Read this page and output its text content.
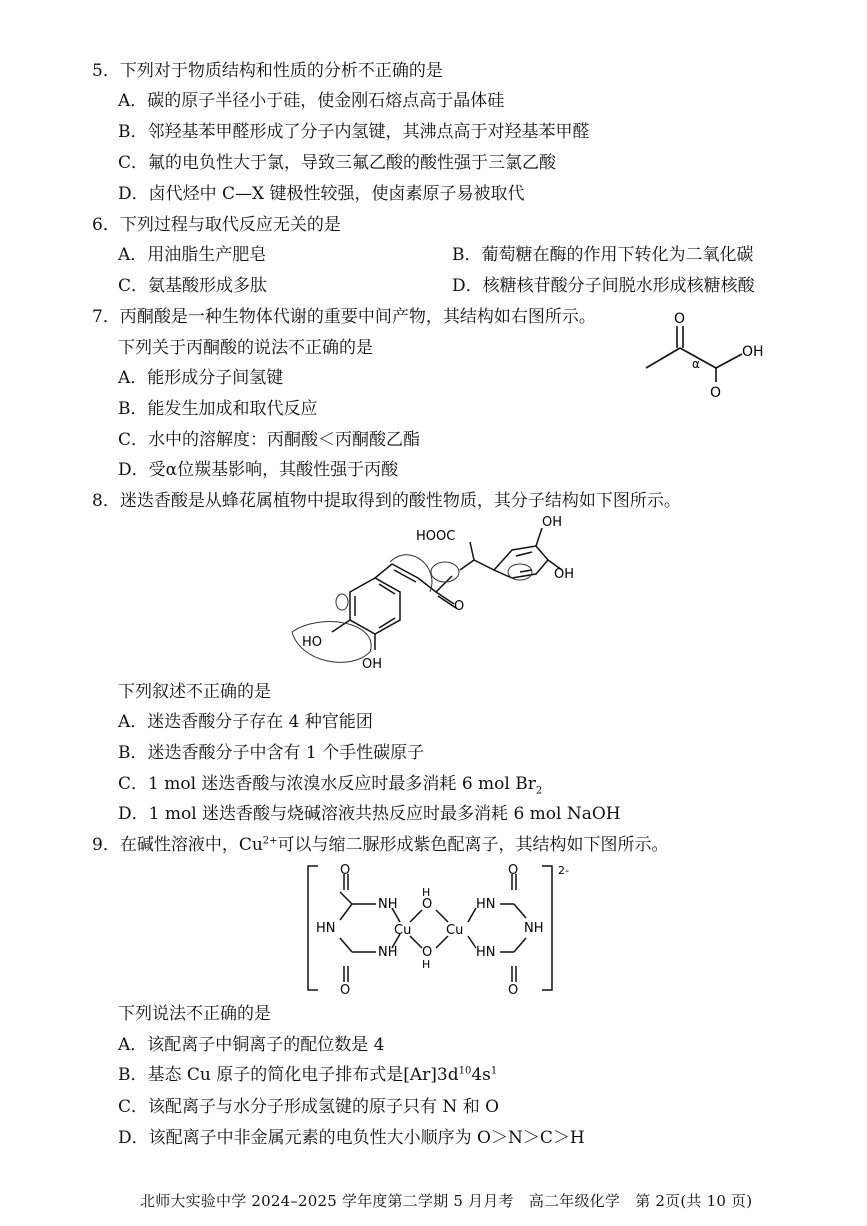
5．下列对于物质结构和性质的分析不正确的是
A．碳的原子半径小于硅，使金刚石熔点高于晶体硅
B．邻羟基苯甲醛形成了分子内氢键，其沸点高于对羟基苯甲醛
C．氟的电负性大于氯，导致三氟乙酸的酸性强于三氯乙酸
D．卤代烃中 C—X 键极性较强，使卤素原子易被取代
6．下列过程与取代反应无关的是
A．用油脂生产肥皂	B．葡萄糖在酶的作用下转化为二氧化碳
C．氨基酸形成多肽	D．核糖核苷酸分子间脱水形成核糖核酸
7．丙酮酸是一种生物体代谢的重要中间产物，其结构如右图所示。
下列关于丙酮酸的说法不正确的是
A．能形成分子间氢键
B．能发生加成和取代反应
C．水中的溶解度：丙酮酸＜丙酮酸乙酯
D．受α位羰基影响，其酸性强于丙酸
O
α
OH
O
8．迷迭香酸是从蜂花属植物中提取得到的酸性物质，其分子结构如下图所示。
HOOC
OH
OH
HO
OH
O
下列叙述不正确的是
A．迷迭香酸分子存在 4 种官能团
B．迷迭香酸分子中含有 1 个手性碳原子
C．1 mol 迷迭香酸与浓溴水反应时最多消耗 6 mol $Br_2$
D．1 mol 迷迭香酸与烧碱溶液共热反应时最多消耗 6 mol NaOH
9．在碱性溶液中，$Cu^{2+}$可以与缩二脲形成紫色配离子，其结构如下图所示。
2-
O
O
O
O
NH
NH
HN
HN
HN
NH
H
O
O
H
Cu	Cu
下列说法不正确的是
A．该配离子中铜离子的配位数是 4
B．基态 Cu 原子的简化电子排布式是$[Ar]3d^{10}4s^1$
C．该配离子与水分子形成氢键的原子只有 N 和 O
D．该配离子中非金属元素的电负性大小顺序为 O＞N＞C＞H
北师大实验中学 2024–2025 学年度第二学期 5 月月考　高二年级化学　第 2页(共 10 页)
